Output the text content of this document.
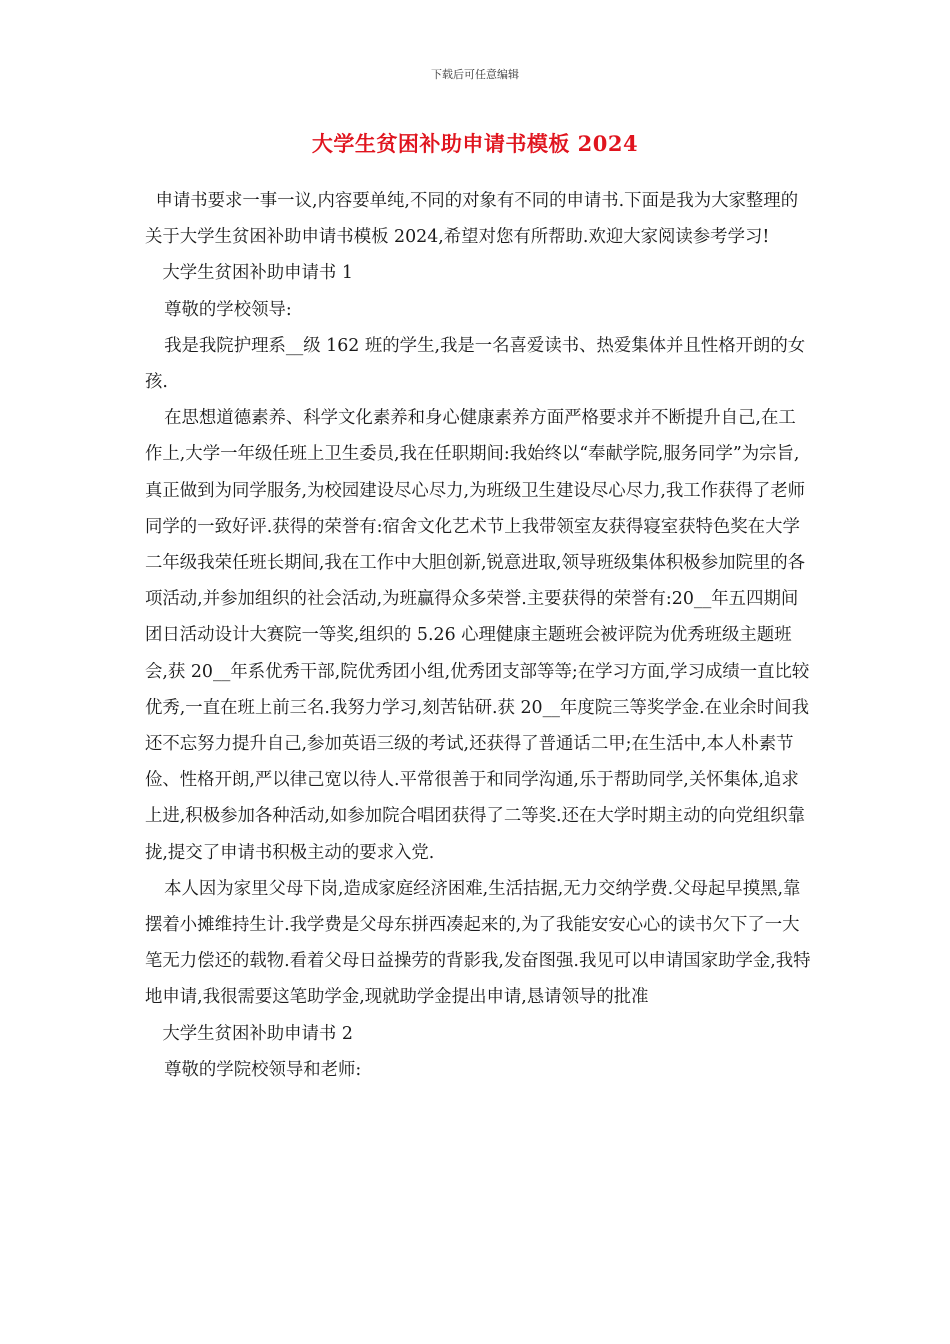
下载后可任意编辑
大学生贫困补助申请书模板 2024

申请书要求一事一议,内容要单纯,不同的对象有不同的申请书.下面是我为大家整理的关于大学生贫困补助申请书模板 2024,希望对您有所帮助.欢迎大家阅读参考学习!

大学生贫困补助申请书 1

尊敬的学校领导:

我是我院护理系__级 162 班的学生,我是一名喜爱读书、热爱集体并且性格开朗的女孩.

在思想道德素养、科学文化素养和身心健康素养方面严格要求并不断提升自己,在工作上,大学一年级任班上卫生委员,我在任职期间:我始终以“奉献学院,服务同学”为宗旨,真正做到为同学服务,为校园建设尽心尽力,为班级卫生建设尽心尽力,我工作获得了老师同学的一致好评.获得的荣誉有:宿舍文化艺术节上我带领室友获得寝室获特色奖在大学二年级我荣任班长期间,我在工作中大胆创新,锐意进取,领导班级集体积极参加院里的各项活动,并参加组织的社会活动,为班赢得众多荣誉.主要获得的荣誉有:20__年五四期间团日活动设计大赛院一等奖,组织的 5.26 心理健康主题班会被评院为优秀班级主题班会,获 20__年系优秀干部,院优秀团小组,优秀团支部等等;在学习方面,学习成绩一直比较优秀,一直在班上前三名.我努力学习,刻苦钻研.获 20__年度院三等奖学金.在业余时间我还不忘努力提升自己,参加英语三级的考试,还获得了普通话二甲;在生活中,本人朴素节俭、性格开朗,严以律己宽以待人.平常很善于和同学沟通,乐于帮助同学,关怀集体,追求上进,积极参加各种活动,如参加院合唱团获得了二等奖.还在大学时期主动的向党组织靠拢,提交了申请书积极主动的要求入党.

本人因为家里父母下岗,造成家庭经济困难,生活拮据,无力交纳学费.父母起早摸黑,靠摆着小摊维持生计.我学费是父母东拼西凑起来的,为了我能安安心心的读书欠下了一大笔无力偿还的载物.看着父母日益操劳的背影我,发奋图强.我见可以申请国家助学金,我特地申请,我很需要这笔助学金,现就助学金提出申请,恳请领导的批准

大学生贫困补助申请书 2

尊敬的学院校领导和老师:
